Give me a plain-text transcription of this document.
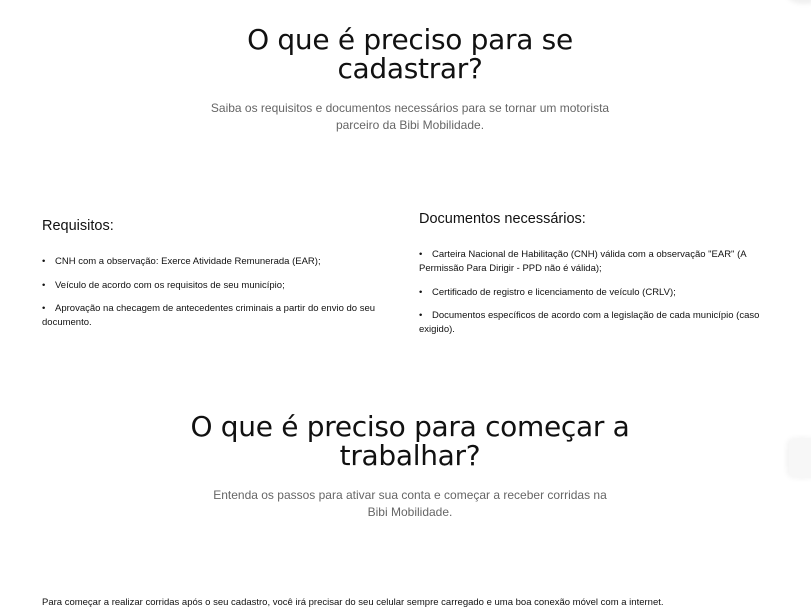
O que é preciso para se cadastrar?

Saiba os requisitos e documentos necessários para se tornar um motorista parceiro da Bibi Mobilidade.

Requisitos:
• CNH com a observação: Exerce Atividade Remunerada (EAR);
• Veículo de acordo com os requisitos de seu município;
• Aprovação na checagem de antecedentes criminais a partir do envio do seu documento.
Documentos necessários:
• Carteira Nacional de Habilitação (CNH) válida com a observação "EAR" (A Permissão Para Dirigir - PPD não é válida);
• Certificado de registro e licenciamento de veículo (CRLV);
• Documentos específicos de acordo com a legislação de cada município (caso exigido).
O que é preciso para começar a trabalhar?

Entenda os passos para ativar sua conta e começar a receber corridas na Bibi Mobilidade.

Para começar a realizar corridas após o seu cadastro, você irá precisar do seu celular sempre carregado e uma boa conexão móvel com a internet.
